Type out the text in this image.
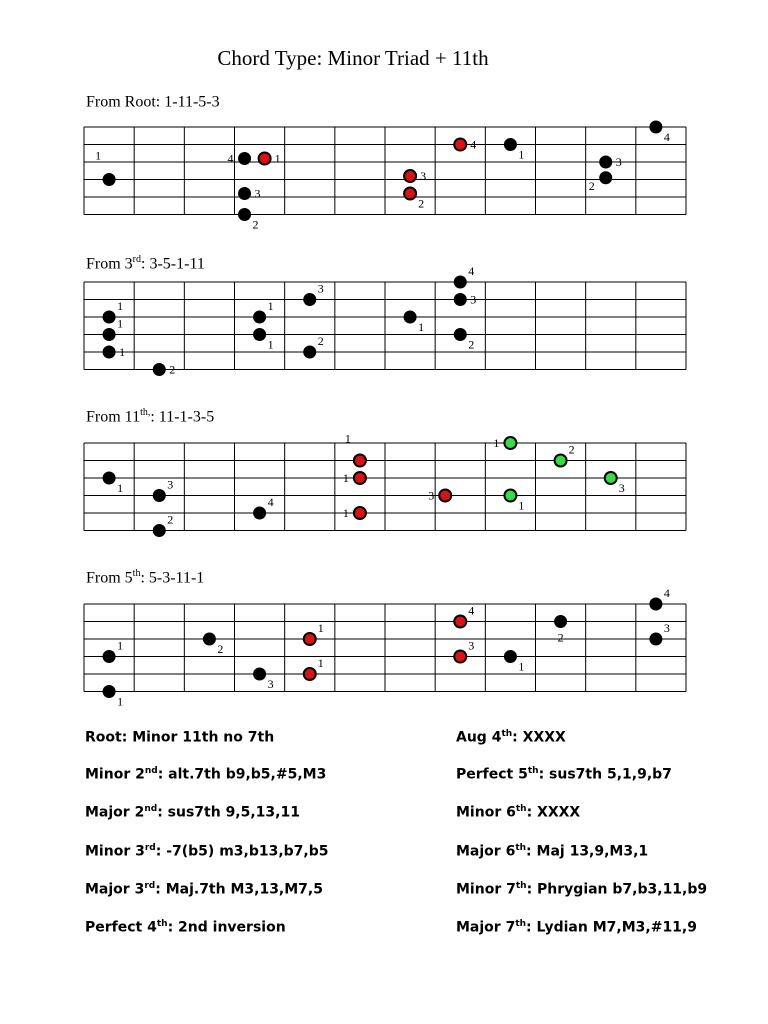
Chord Type: Minor Triad + 11th
From Root: 1-11-5-3
From 3rd: 3-5-1-11
From $11^{th,}$: 11-1-3-5
From 5th: 5-3-11-1
1	4	1
3
2
3
2
4
1
3
2
4
1
1
1
2
1
1
3
2
1
4
3
2
1	3
2
4
1
1
1
3
1
1
2
3
1
1
2
3
1
1
4
3
1
2
4
3
Root: Minor 11th no 7th
Minor 2nd: alt.7th b9,b5,#5,M3
Major 2nd: sus7th 9,5,13,11
Minor 3rd: -7(b5) m3,b13,b7,b5
Major 3rd: Maj.7th M3,13,M7,5
Perfect 4th: 2nd inversion
Aug 4th: XXXX
Perfect 5th: sus7th 5,1,9,b7
Minor 6th: XXXX
Major 6th: Maj 13,9,M3,1
Minor 7th: Phrygian b7,b3,11,b9
Major 7th: Lydian M7,M3,#11,9
